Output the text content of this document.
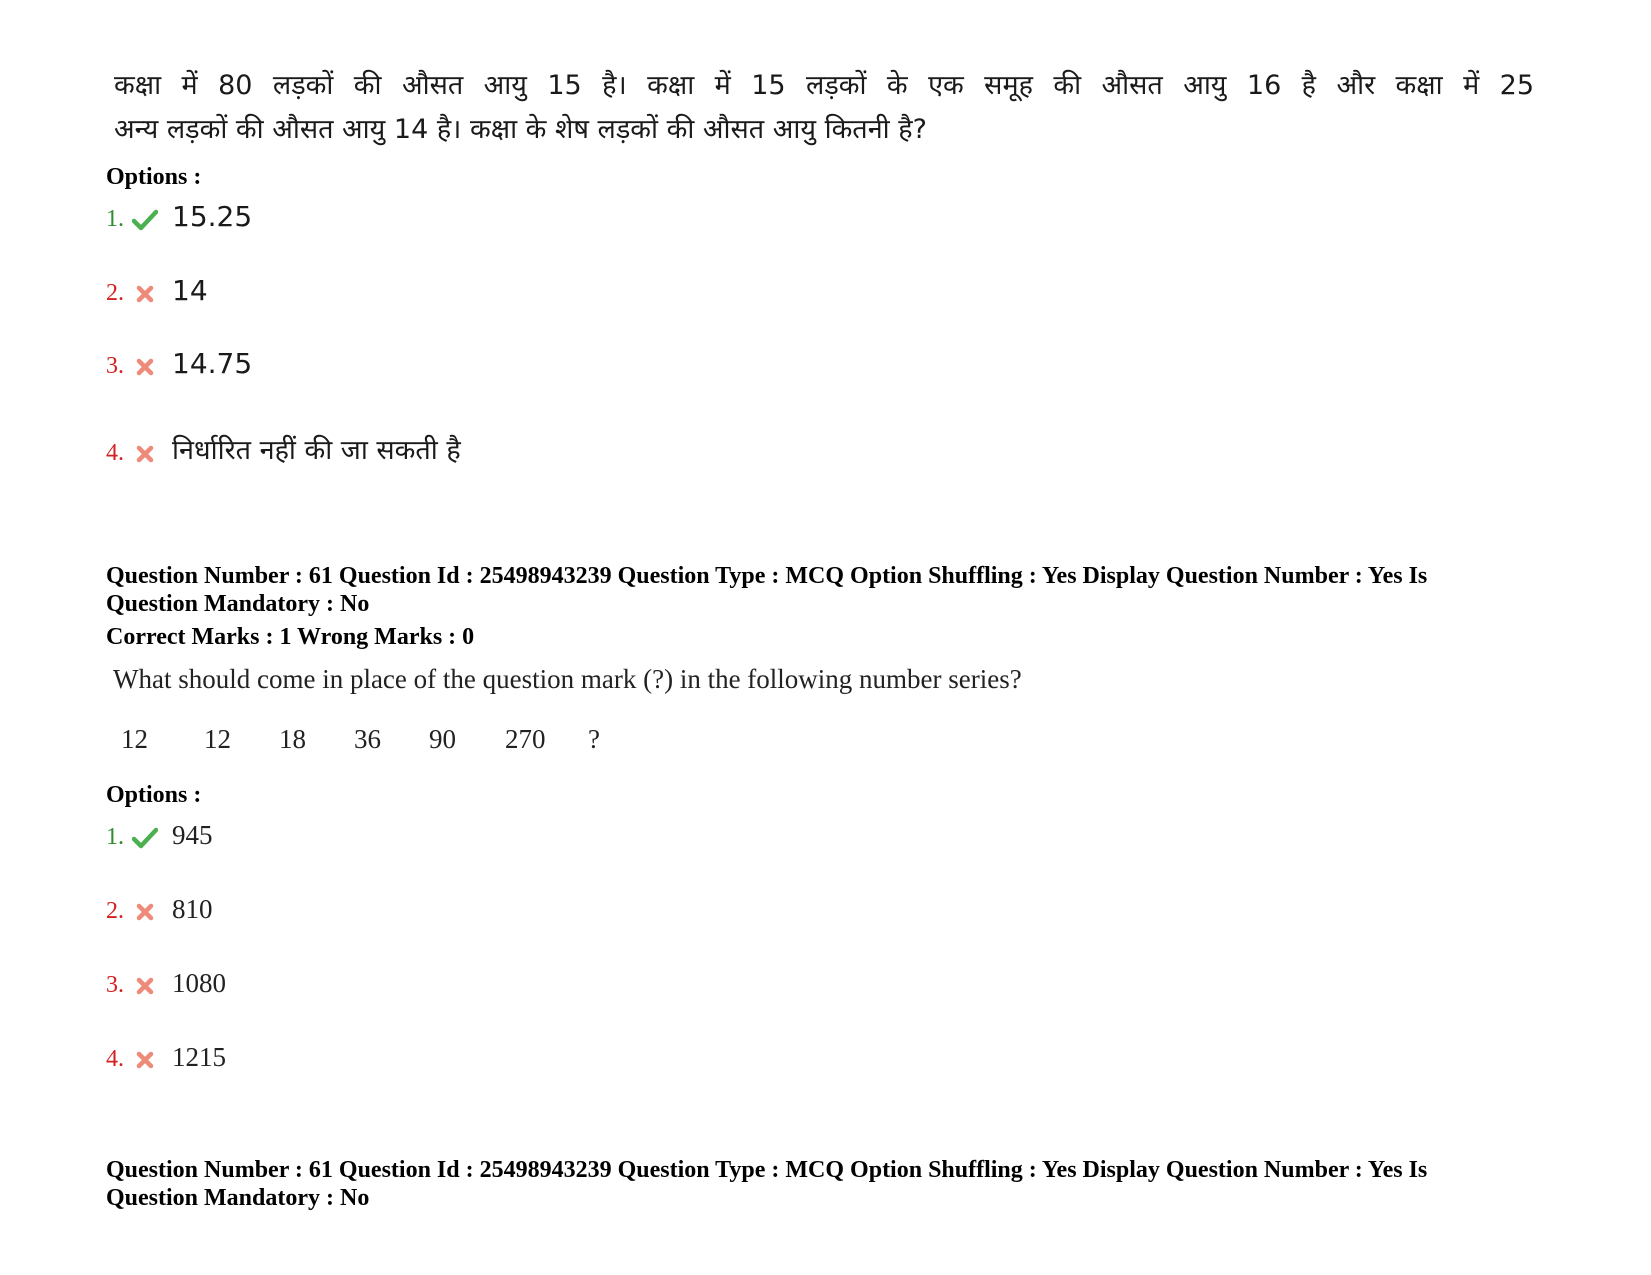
कक्षा में 80 लड़कों की औसत आयु 15 है। कक्षा में 15 लड़कों के एक समूह की औसत आयु 16 है और कक्षा में 25
अन्य लड़कों की औसत आयु 14 है। कक्षा के शेष लड़कों की औसत आयु कितनी है?
Options :
1. 15.25
2. 14
3. 14.75
4. निर्धारित नहीं की जा सकती है
Question Number : 61 Question Id : 25498943239 Question Type : MCQ Option Shuffling : Yes Display Question Number : Yes Is
Question Mandatory : No
Correct Marks : 1 Wrong Marks : 0
What should come in place of the question mark (?) in the following number series?
12	12	18	36	90	270	?
Options :
1. 945
2. 810
3. 1080
4. 1215
Question Number : 61 Question Id : 25498943239 Question Type : MCQ Option Shuffling : Yes Display Question Number : Yes Is
Question Mandatory : No
